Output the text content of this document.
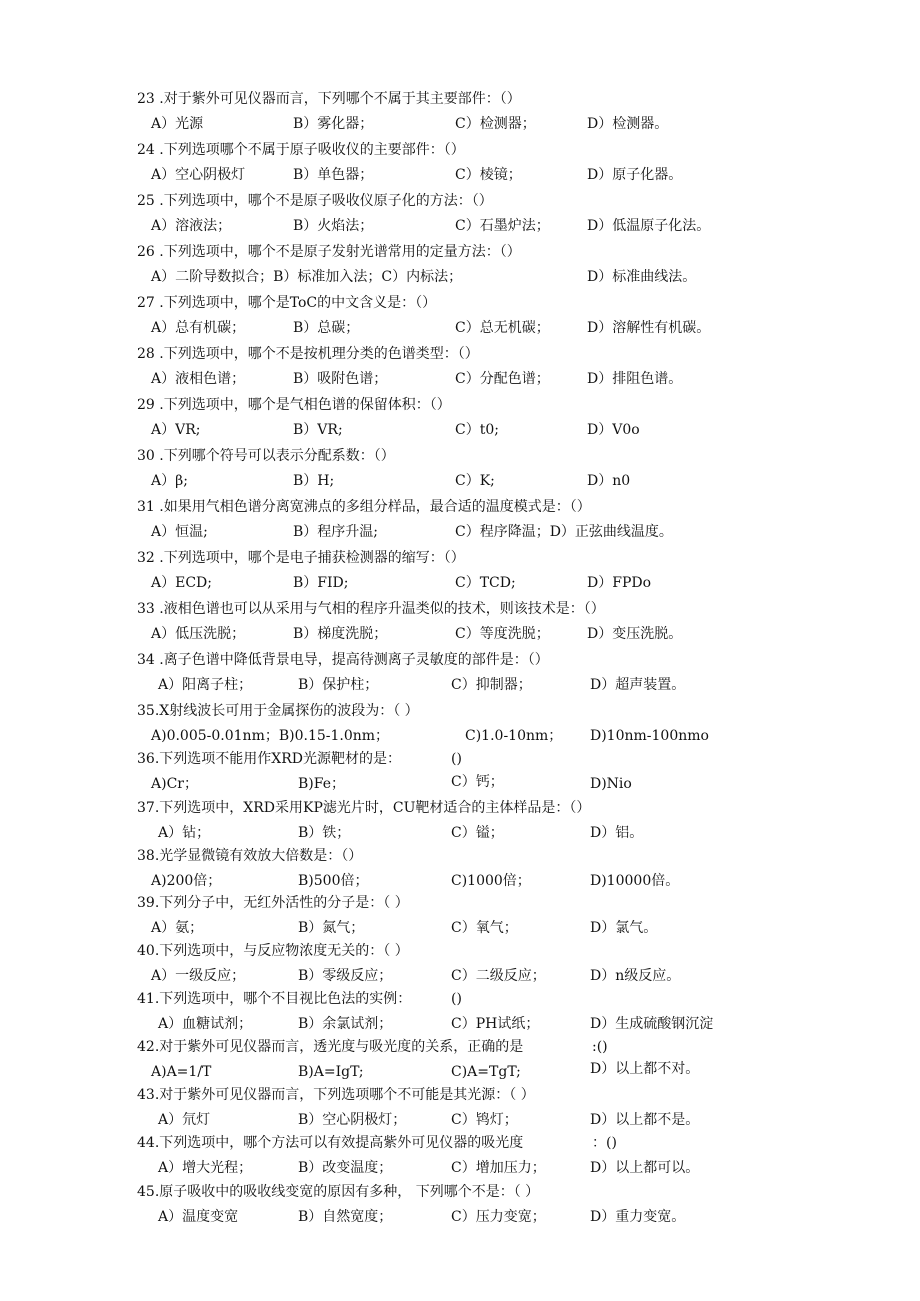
23 .对于紫外可见仪器而言，下列哪个不属于其主要部件：（）
A）光源	B）雾化器；	C）检测器；	D）检测器。
24 .下列选项哪个不属于原子吸收仪的主要部件：（）
A）空心阴极灯	B）单色器；	C）棱镜；	D）原子化器。
25 .下列选项中，哪个不是原子吸收仪原子化的方法：（）
A）溶液法；	B）火焰法；	C）石墨炉法；	D）低温原子化法。
26 .下列选项中，哪个不是原子发射光谱常用的定量方法：（）
A）二阶导数拟合；B）标准加入法；C）内标法；	D）标准曲线法。
27 .下列选项中，哪个是ToC的中文含义是：（）
A）总有机碳；	B）总碳；	C）总无机碳；	D）溶解性有机碳。
28 .下列选项中，哪个不是按机理分类的色谱类型：（）
A）液相色谱；	B）吸附色谱；	C）分配色谱；	D）排阻色谱。
29 .下列选项中，哪个是气相色谱的保留体积：（）
A）VR;	B）VR;	C）t0;	D）V0o
30 .下列哪个符号可以表示分配系数：（）
A）β;	B）H;	C）K;	D）n0
31 .如果用气相色谱分离宽沸点的多组分样品，最合适的温度模式是：（）
A）恒温;	B）程序升温;	C）程序降温；D）正弦曲线温度。
32 .下列选项中，哪个是电子捕获检测器的缩写：（）
A）ECD;	B）FID;	C）TCD;	D）FPDo
33 .液相色谱也可以从采用与气相的程序升温类似的技术，则该技术是：（）
A）低压洗脱；	B）梯度洗脱；	C）等度洗脱；	D）变压洗脱。
34 .离子色谱中降低背景电导，提高待测离子灵敏度的部件是：（）
A）阳离子柱；	B）保护柱；	C）抑制器；	D）超声装置。
35.X射线波长可用于金属探伤的波段为：（ ）
A)0.005-0.01nm；B)0.15-1.0nm；	C)1.0-10nm； D)10nm-100nmo
36.下列选项不能用作XRD光源靶材的是：	()
A)Cr；	B)Fe；	C）钙；	D)Nio
37.下列选项中，XRD采用KP滤光片时，CU靶材适合的主体样品是：（）
A）钻；	B）铁；	C）镒；	D）铝。
38.光学显微镜有效放大倍数是：（）
A)200倍；	B)500倍；	C)1000倍；	D)10000倍。
39.下列分子中，无红外活性的分子是：（ ）
A）氨；	B）氮气；	C）氧气；	D）氯气。
40.下列选项中，与反应物浓度无关的：（ ）
A）一级反应；	B）零级反应；	C）二级反应；	D）n级反应。
41.下列选项中，哪个不目视比色法的实例：	()
A）血糖试剂；	B）余氯试剂；	C）PH试纸；	D）生成硫酸钢沉淀
42.对于紫外可见仪器而言，透光度与吸光度的关系，正确的是	:()
A)A=1/T	B)A=IgT;	C)A=TgT;	D）以上都不对。
43.对于紫外可见仪器而言，下列选项哪个不可能是其光源：（ ）
A）氘灯	B）空心阴极灯；	C）鸨灯；	D）以上都不是。
44.下列选项中，哪个方法可以有效提高紫外可见仪器的吸光度	：()
A）增大光程；	B）改变温度；	C）增加压力；	D）以上都可以。
45.原子吸收中的吸收线变宽的原因有多种， 下列哪个不是：（ ）
A）温度变宽	B）自然宽度；	C）压力变宽；	D）重力变宽。
